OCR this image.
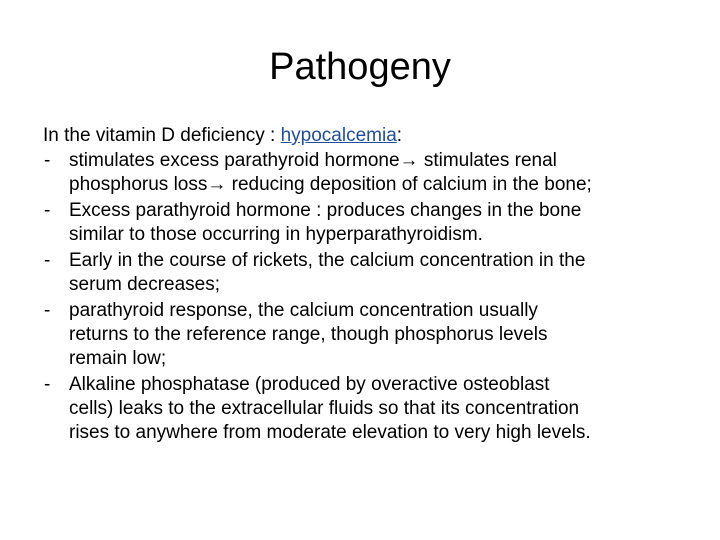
Pathogeny

In the vitamin D deficiency : hypocalcemia:

- stimulates excess parathyroid hormone→ stimulates renal
phosphorus loss→ reducing deposition of calcium in the bone;
- Excess parathyroid hormone : produces changes in the bone
similar to those occurring in hyperparathyroidism.
- Early in the course of rickets, the calcium concentration in the
serum decreases;
- parathyroid response, the calcium concentration usually
returns to the reference range, though phosphorus levels
remain low;
- Alkaline phosphatase (produced by overactive osteoblast
cells) leaks to the extracellular fluids so that its concentration
rises to anywhere from moderate elevation to very high levels.
